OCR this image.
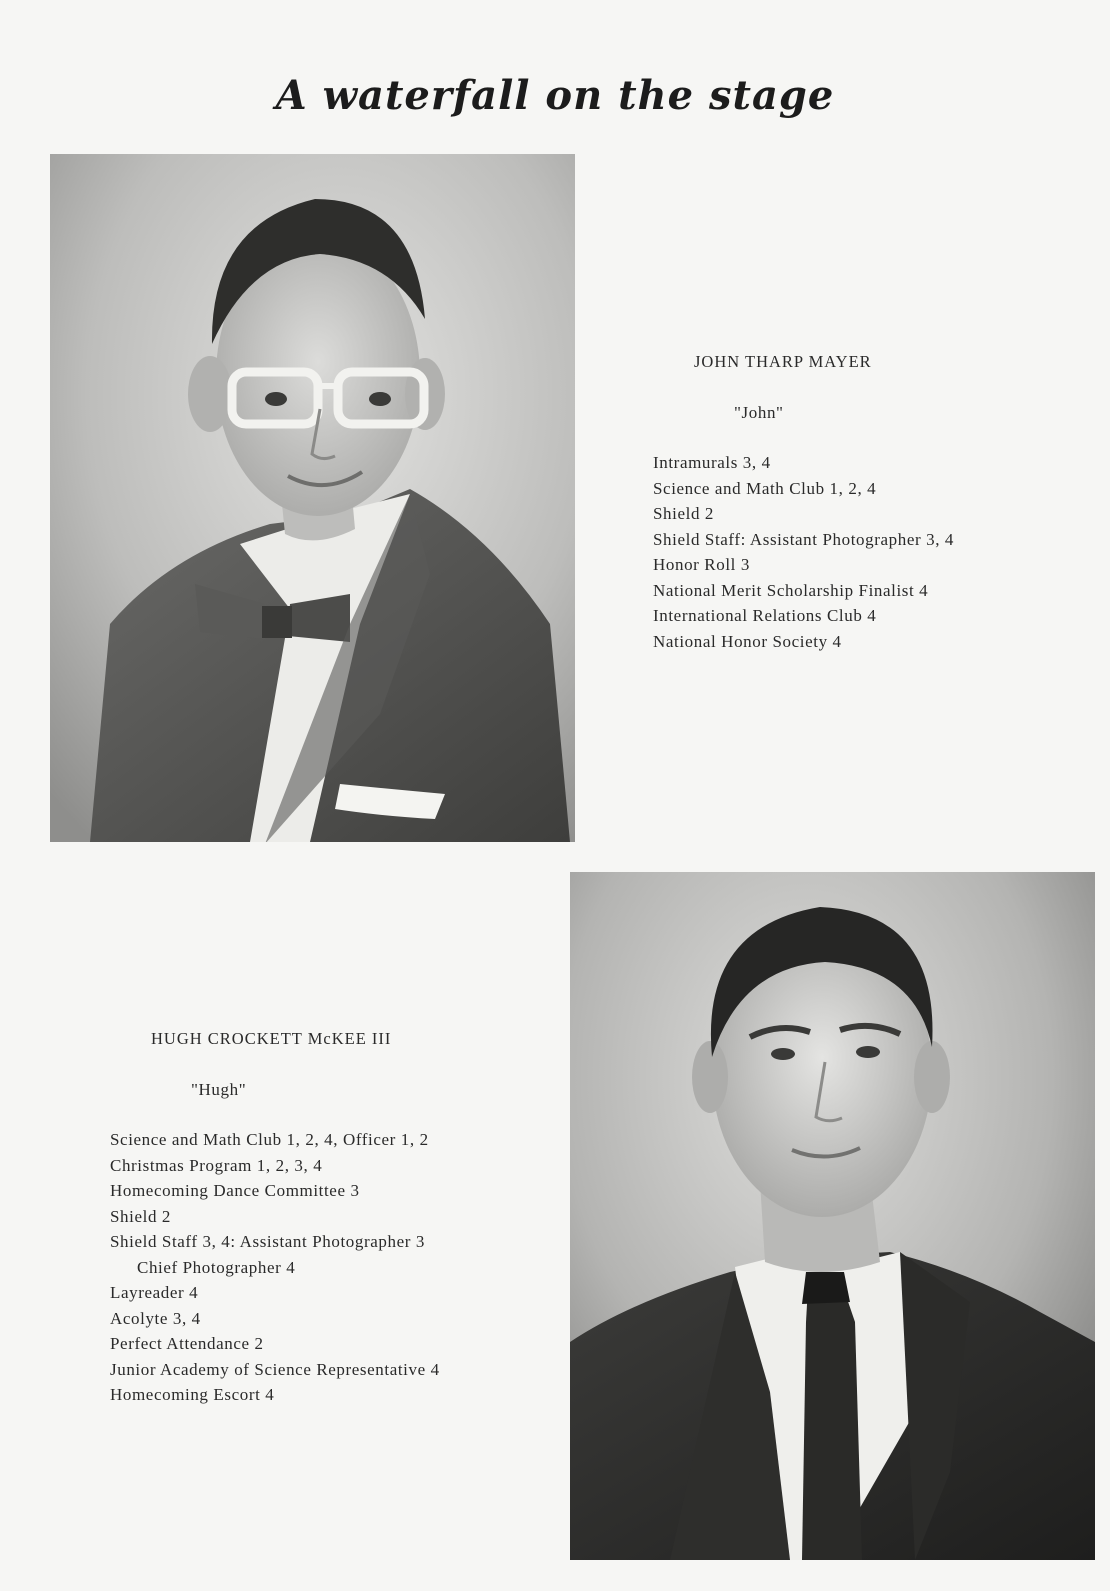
A waterfall on the stage
JOHN THARP MAYER
"John"
Intramurals 3, 4
Science and Math Club 1, 2, 4
Shield 2
Shield Staff: Assistant Photographer 3, 4
Honor Roll 3
National Merit Scholarship Finalist 4
International Relations Club 4
National Honor Society 4
HUGH CROCKETT McKEE III
"Hugh"
Science and Math Club 1, 2, 4, Officer 1, 2
Christmas Program 1, 2, 3, 4
Homecoming Dance Committee 3
Shield 2
Shield Staff 3, 4: Assistant Photographer 3
Chief Photographer 4
Layreader 4
Acolyte 3, 4
Perfect Attendance 2
Junior Academy of Science Representative 4
Homecoming Escort 4
